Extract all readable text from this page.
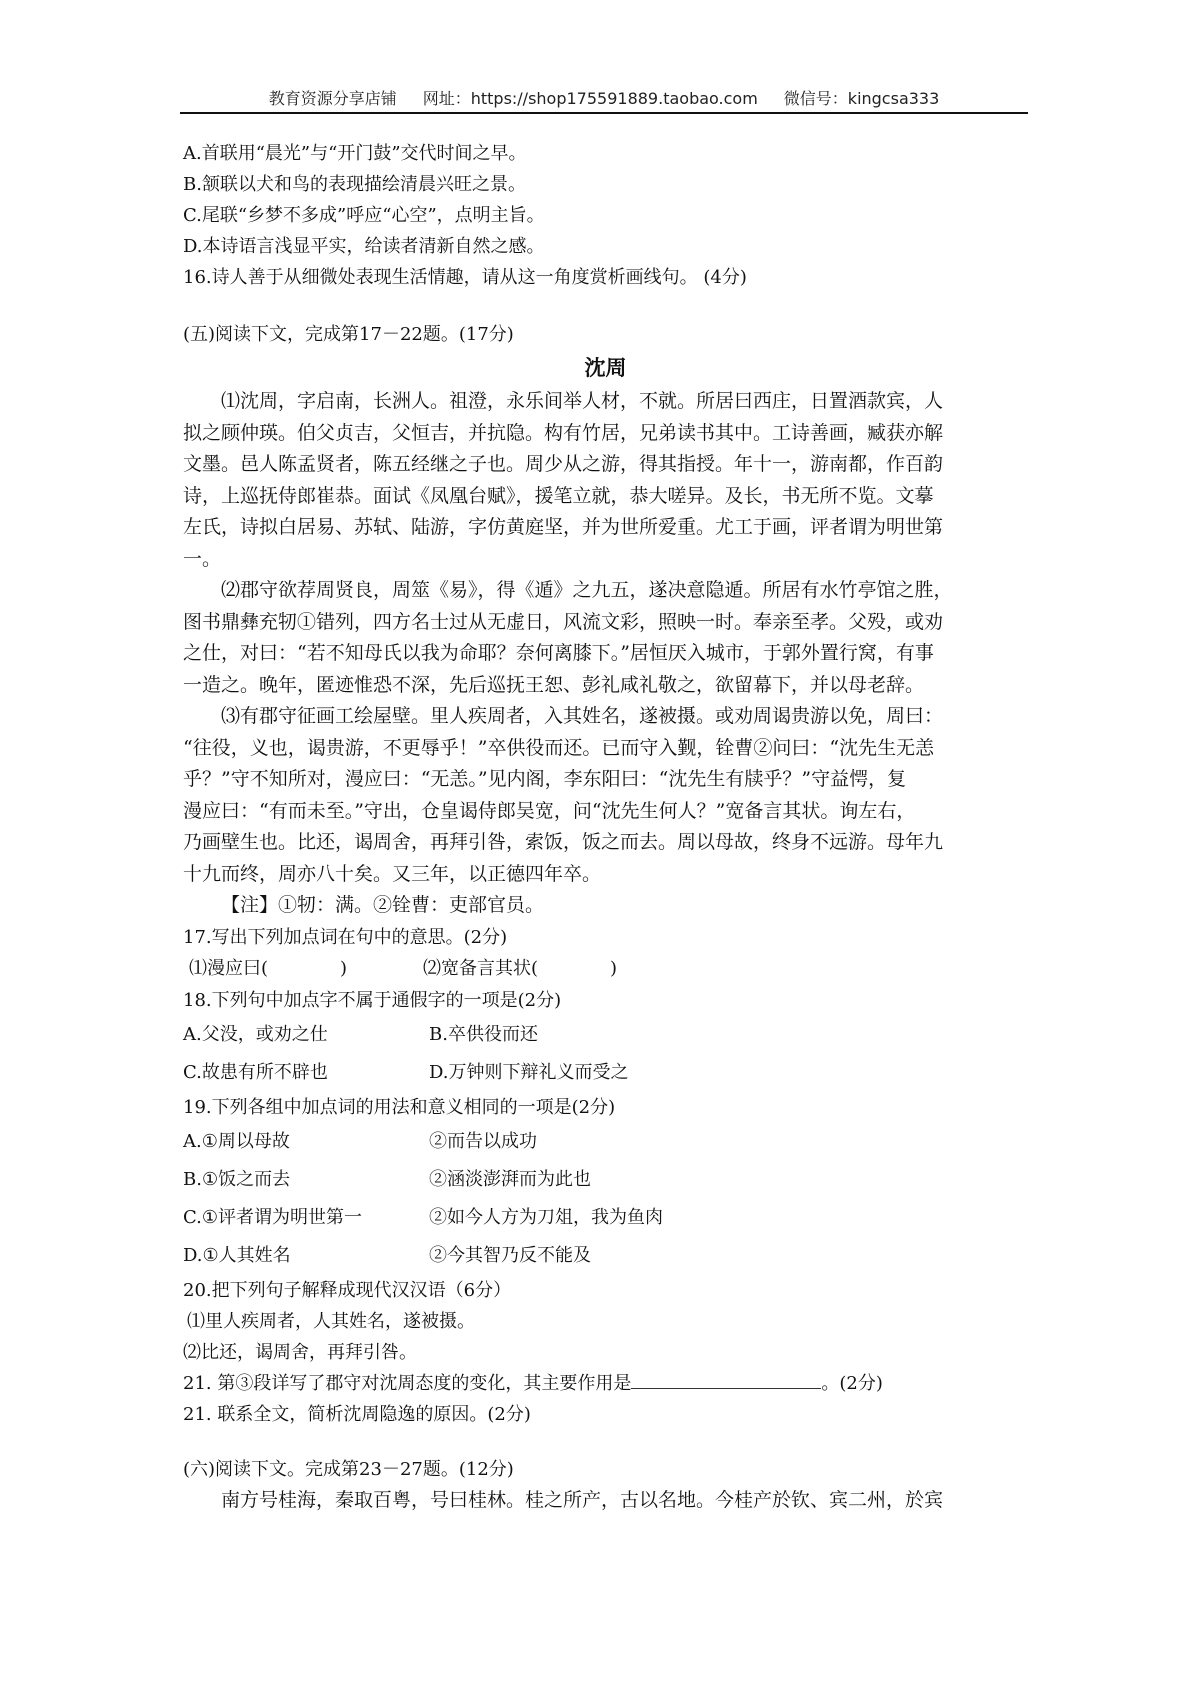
教育资源分享店铺 网址：https://shop175591889.taobao.com 微信号：kingcsa333
A.首联用“晨光”与“开门鼓”交代时间之早。
B.颔联以犬和鸟的表现描绘清晨兴旺之景。
C.尾联“乡梦不多成”呼应“心空”，点明主旨。
D.本诗语言浅显平实，给读者清新自然之感。
16.诗人善于从细微处表现生活情趣，请从这一角度赏析画线句。 (4分)
(五)阅读下文，完成第17－22题。(17分)
沈周
⑴沈周，字启南，长洲人。祖澄，永乐间举人材，不就。所居曰西庄，日置酒款宾，人
拟之顾仲瑛。伯父贞吉，父恒吉，并抗隐。构有竹居，兄弟读书其中。工诗善画，臧获亦解
文墨。邑人陈孟贤者，陈五经继之子也。周少从之游，得其指授。年十一，游南都，作百韵
诗，上巡抚侍郎崔恭。面试《凤凰台赋》，援笔立就，恭大嗟异。及长，书无所不览。文摹
左氏，诗拟白居易、苏轼、陆游，字仿黄庭坚，并为世所爱重。尤工于画，评者谓为明世第
一。
⑵郡守欲荐周贤良，周筮《易》，得《遁》之九五，遂决意隐遁。所居有水竹亭馆之胜，
图书鼎彝充牣①错列，四方名士过从无虚日，风流文彩，照映一时。奉亲至孝。父殁，或劝
之仕，对曰：“若不知母氏以我为命耶？奈何离膝下。”居恒厌入城市，于郭外置行窝，有事
一造之。晚年，匿迹惟恐不深，先后巡抚王恕、彭礼咸礼敬之，欲留幕下，并以母老辞。
⑶有郡守征画工绘屋壁。里人疾周者，入其姓名，遂被摄。或劝周谒贵游以免，周曰：
“往役，义也，谒贵游，不更辱乎！”卒供役而还。已而守入觐，铨曹②问曰：“沈先生无恙
乎？”守不知所对，漫应曰：“无恙。”见内阁，李东阳曰：“沈先生有牍乎？”守益愕，复
漫应曰：“有而未至。”守出，仓皇谒侍郎吴宽，问“沈先生何人？”宽备言其状。询左右，
乃画壁生也。比还，谒周舍，再拜引咎，索饭，饭之而去。周以母故，终身不远游。母年九
十九而终，周亦八十矣。又三年，以正德四年卒。
【注】①牣：满。②铨曹：吏部官员。
17.写出下列加点词在句中的意思。(2分)
⑴漫应曰(　　　　)	⑵宽备言其状(　　　　)
18.下列句中加点字不属于通假字的一项是(2分)
A.父没，或劝之仕	B.卒供役而还
C.故患有所不辟也	D.万钟则下辩礼义而受之
19.下列各组中加点词的用法和意义相同的一项是(2分)
A.①周以母故	②而告以成功
B.①饭之而去	②涵淡澎湃而为此也
C.①评者谓为明世第一	②如今人方为刀俎，我为鱼肉
D.①人其姓名	②今其智乃反不能及
20.把下列句子解释成现代汉汉语（6分）
⑴里人疾周者，人其姓名，遂被摄。
⑵比还，谒周舍，再拜引咎。
21. 第③段详写了郡守对沈周态度的变化，其主要作用是	。(2分)
21. 联系全文，简析沈周隐逸的原因。(2分)
(六)阅读下文。完成第23－27题。(12分)
南方号桂海，秦取百粤，号曰桂林。桂之所产，古以名地。今桂产於钦、宾二州，於宾
